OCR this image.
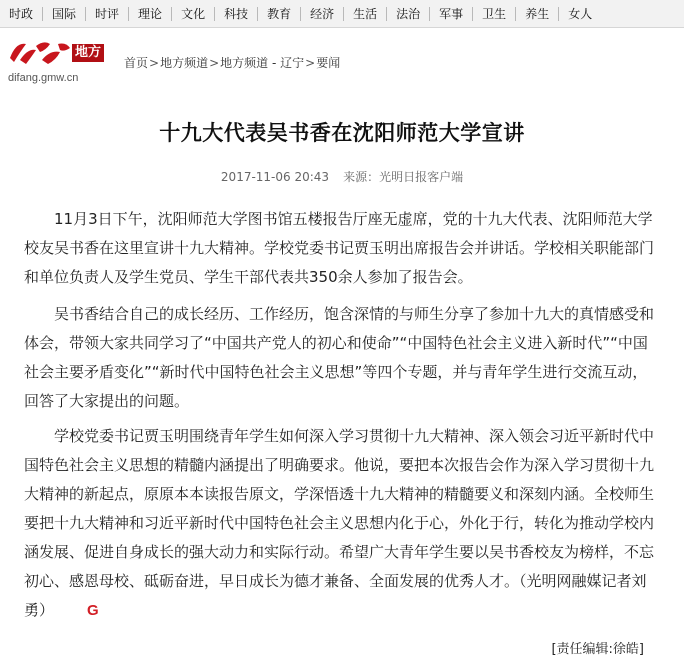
时政	国际	时评	理论	文化	科技	教育	经济	生活	法治	军事	卫生	养生	女人
地方
difang.gmw.cn
首页>地方频道>地方频道 - 辽宁>要闻
十九大代表吴书香在沈阳师范大学宣讲
2017-11-06 20:43 来源：光明日报客户端

11月3日下午，沈阳师范大学图书馆五楼报告厅座无虚席，党的十九大代表、沈阳师范大学校友吴书香在这里宣讲十九大精神。学校党委书记贾玉明出席报告会并讲话。学校相关职能部门和单位负责人及学生党员、学生干部代表共350余人参加了报告会。

吴书香结合自己的成长经历、工作经历，饱含深情的与师生分享了参加十九大的真情感受和体会，带领大家共同学习了“中国共产党人的初心和使命”“中国特色社会主义进入新时代”“中国社会主要矛盾变化”“新时代中国特色社会主义思想”等四个专题，并与青年学生进行交流互动，回答了大家提出的问题。

学校党委书记贾玉明围绕青年学生如何深入学习贯彻十九大精神、深入领会习近平新时代中国特色社会主义思想的精髓内涵提出了明确要求。他说，要把本次报告会作为深入学习贯彻十九大精神的新起点，原原本本读报告原文，学深悟透十九大精神的精髓要义和深刻内涵。全校师生要把十九大精神和习近平新时代中国特色社会主义思想内化于心，外化于行，转化为推动学校内涵发展、促进自身成长的强大动力和实际行动。希望广大青年学生要以吴书香校友为榜样，不忘初心、感恩母校、砥砺奋进，早日成长为德才兼备、全面发展的优秀人才。（光明网融媒记者刘勇） G

[责任编辑:徐皓]
